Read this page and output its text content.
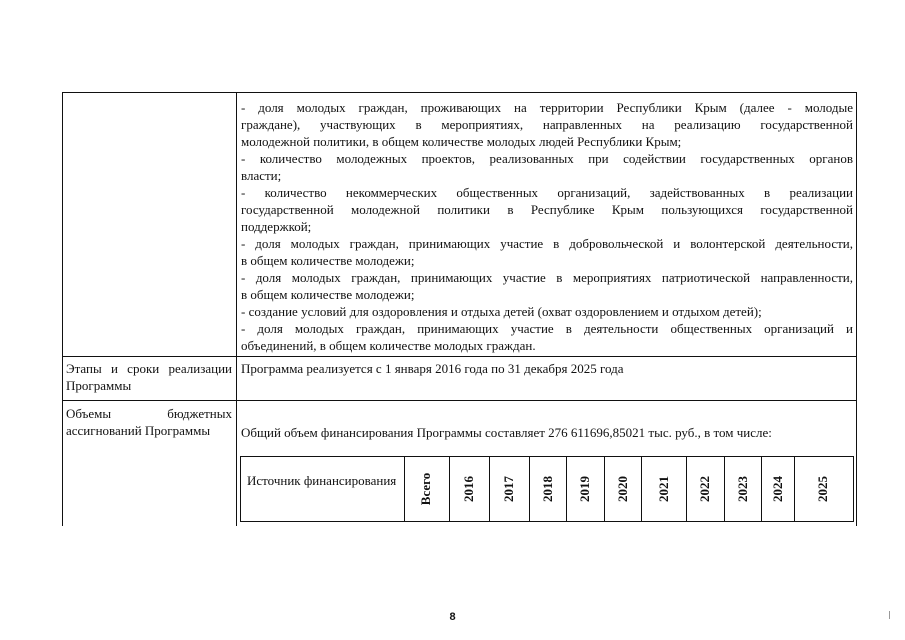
- доля молодых граждан, проживающих на территории Республики Крым (далее - молодые

граждане), участвующих в мероприятиях, направленных на реализацию государственной

молодежной политики, в общем количестве молодых людей Республики Крым;

- количество молодежных проектов, реализованных при содействии государственных органов

власти;

- количество некоммерческих общественных организаций, задействованных в реализации

государственной молодежной политики в Республике Крым пользующихся государственной

поддержкой;

- доля молодых граждан, принимающих участие в добровольческой и волонтерской деятельности,

в общем количестве молодежи;

- доля молодых граждан, принимающих участие в мероприятиях патриотической направленности,

в общем количестве молодежи;

- создание условий для оздоровления и отдыха детей (охват оздоровлением и отдыхом детей);

- доля молодых граждан, принимающих участие в деятельности общественных организаций и

объединений, в общем количестве молодых граждан.

Этапы и сроки реализации

Программы

Программа реализуется с 1 января 2016 года по 31 декабря 2025 года

Объемы бюджетных

ассигнований Программы	Общий объем финансирования Программы составляет 276 611696,85021 тыс. руб., в том числе:

Источник финансирования Всего 2016 2017 2018 2019 2020 2021 2022 2023 2024 2025
8
